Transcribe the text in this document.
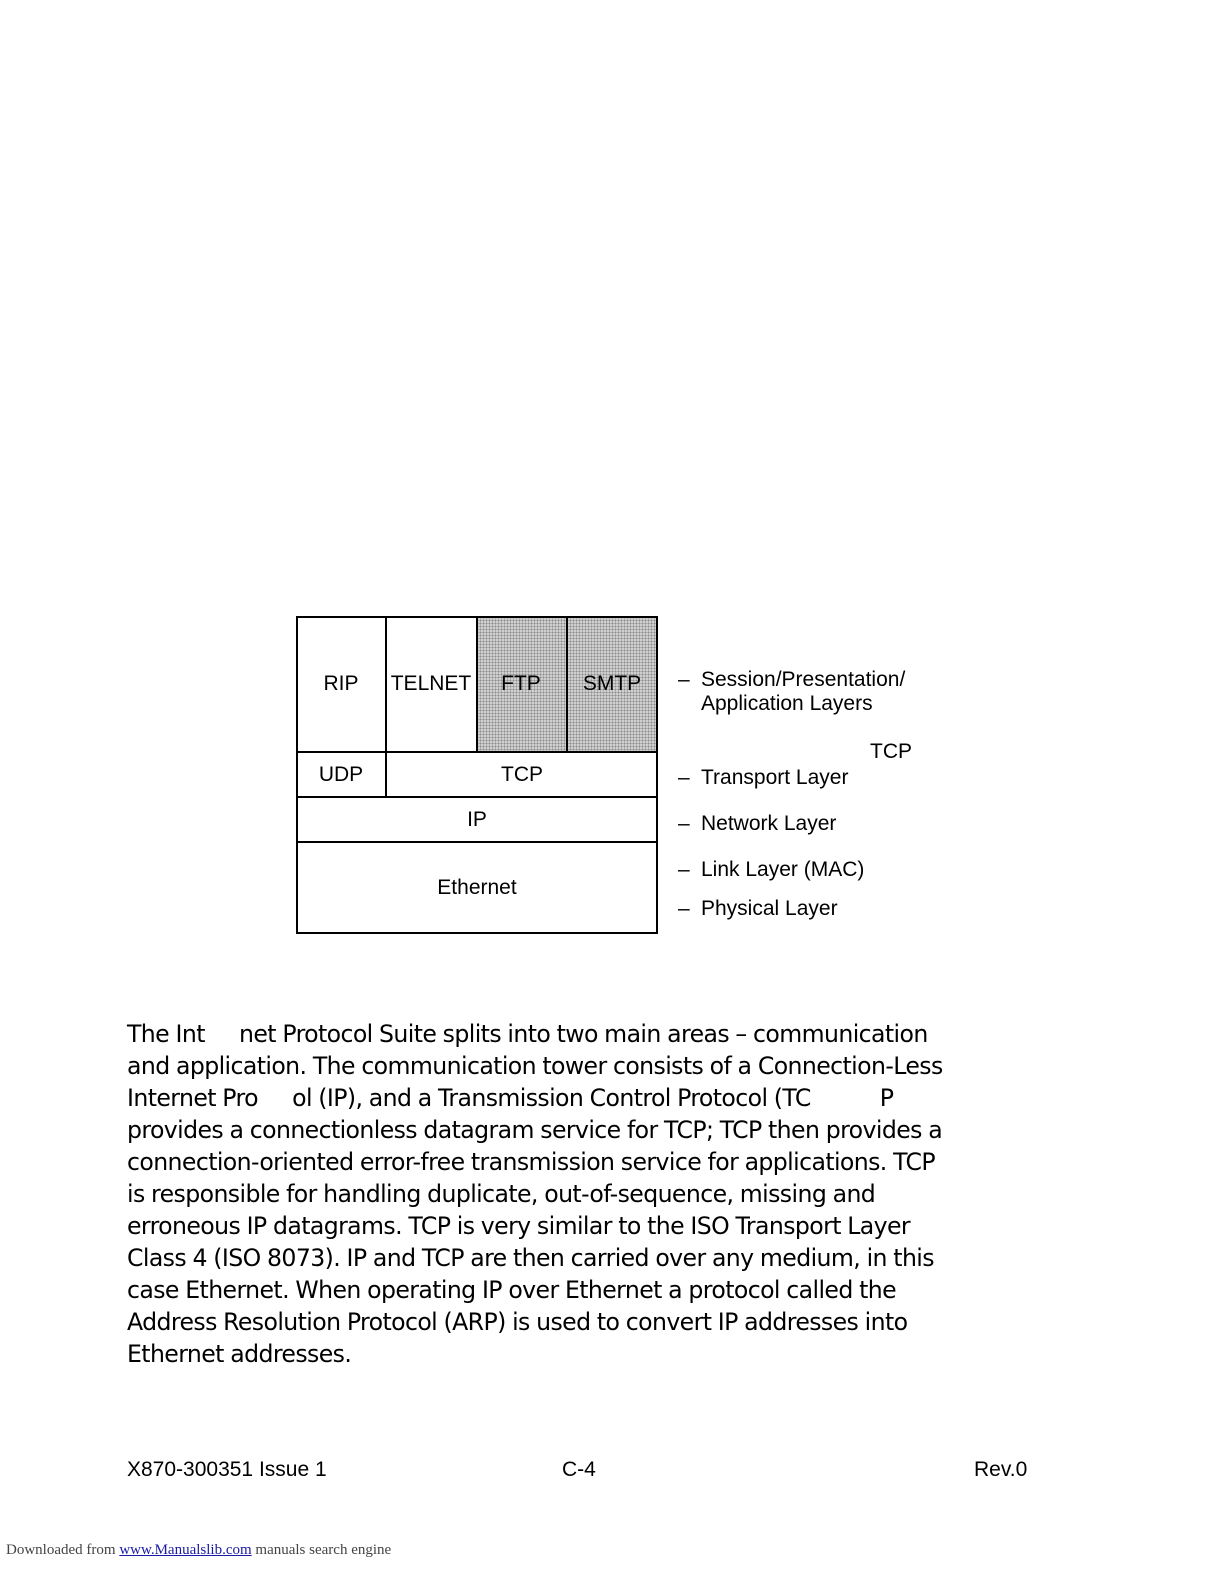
RIP	TELNET	FTP	SMTP
UDP	TCP
IP
Ethernet
– Session/Presentation/
Application Layers
TCP
– Transport Layer
– Network Layer
– Link Layer (MAC)
– Physical Layer
The Int  net Protocol Suite splits into two main areas – communication
and application. The communication tower consists of a Connection-Less
Internet Pro  ol (IP), and a Transmission Control Protocol (TC   P
provides a connectionless datagram service for TCP; TCP then provides a
connection-oriented error-free transmission service for applications. TCP
is responsible for handling duplicate, out-of-sequence, missing and
erroneous IP datagrams. TCP is very similar to the ISO Transport Layer
Class 4 (ISO 8073). IP and TCP are then carried over any medium, in this
case Ethernet. When operating IP over Ethernet a protocol called the
Address Resolution Protocol (ARP) is used to convert IP addresses into
Ethernet addresses.
X870-300351 Issue 1	C-4	Rev.0
Downloaded from www.Manualslib.com manuals search engine
